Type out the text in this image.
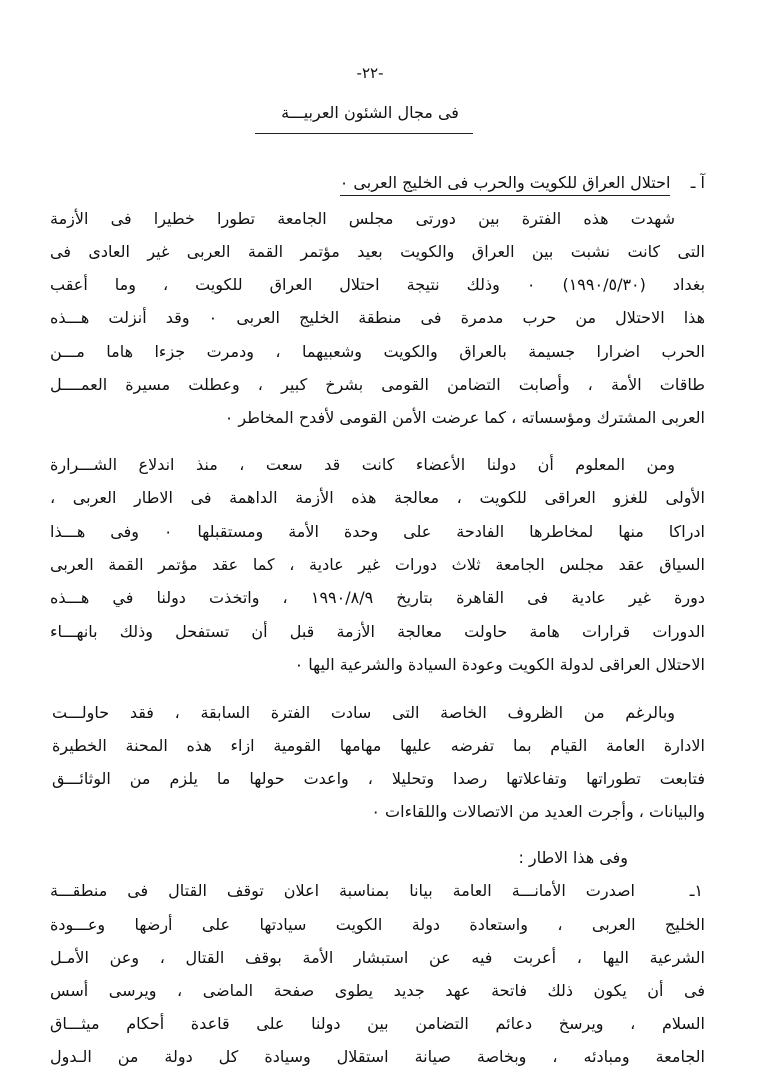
-٢٢-
فى مجال الشئون العربيـــة
آ ـ    احتلال العراق للكويت والحرب فى الخليج العربى ٠
شهدت هذه الفترة بين دورتى مجلس الجامعة تطورا خطيرا فى الأزمة
التى كانت نشبت بين العراق والكويت بعيد مؤتمر القمة العربى غير العادى فى
بغداد (١٩٩٠/٥/٣٠) ٠ وذلك نتيجة احتلال العراق للكويت ، وما أعقب
هذا الاحتلال من حرب مدمرة فى منطقة الخليج العربى ٠ وقد أنزلت هـــذه
الحرب اضرارا جسيمة بالعراق والكويت وشعبيهما ، ودمرت جزءا هاما مـــن
طاقات الأمة ، وأصابت التضامن القومى بشرخ كبير ، وعطلت مسيرة العمــــل
العربى المشترك ومؤسساته ، كما عرضت الأمن القومى لأفدح المخاطر ٠
ومن المعلوم أن دولنا الأعضاء كانت قد سعت ، منذ اندلاع الشـــرارة
الأولى للغزو العراقى للكويت ، معالجة هذه الأزمة الداهمة فى الاطار العربى ،
ادراكا منها لمخاطرها الفادحة على وحدة الأمة ومستقبلها ٠ وفى هـــذا
السياق عقد مجلس الجامعة ثلاث دورات غير عادية ، كما عقد مؤتمر القمة العربى
دورة غير عادية فى القاهرة بتاريخ ١٩٩٠/٨/٩ ، واتخذت دولنا في هـــذه
الدورات قرارات هامة حاولت معالجة الأزمة قبل أن تستفحل وذلك بانهـــاء
الاحتلال العراقى لدولة الكويت وعودة السيادة والشرعية اليها ٠
وبالرغم من الظروف الخاصة التى سادت الفترة السابقة ، فقد حاولـــت
الادارة العامة القيام بما تفرضه عليها مهامها القومية ازاء هذه المحنة الخطيرة
فتابعت تطوراتها وتفاعلاتها رصدا وتحليلا ، واعدت حولها ما يلزم من الوثائـــق
والبيانات ، وأجرت العديد من الاتصالات واللقاءات ٠
وفى هذا الاطار :
١ـ
اصدرت الأمانـــة العامة بيانا بمناسبة اعلان توقف القتال فى منطقـــة
الخليج العربى ، واستعادة دولة الكويت سيادتها على أرضها وعـــودة
الشرعية اليها ، أعربت فيه عن استبشار الأمة بوقف القتال ، وعن الأمـل
فى أن يكون ذلك فاتحة عهد جديد يطوى صفحة الماضى ، ويرسى أسس
السلام ، ويرسخ دعائم التضامن بين دولنا على قاعدة أحكام ميثـــاق
الجامعة ومبادئه ، وبخاصة صيانة استقلال وسيادة كل دولة من الـدول
